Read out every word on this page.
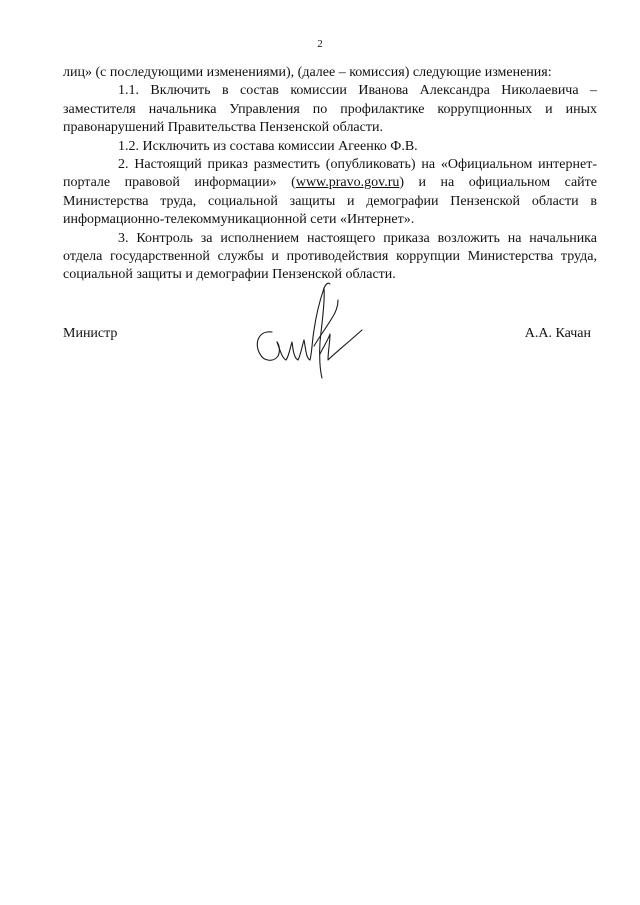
2

лиц» (с последующими изменениями), (далее – комиссия) следующие изменения:

1.1. Включить в состав комиссии Иванова Александра Николаевича – заместителя начальника Управления по профилактике коррупционных и иных правонарушений Правительства Пензенской области.

1.2. Исключить из состава комиссии Агеенко Ф.В.

2. Настоящий приказ разместить (опубликовать) на «Официальном интернет-портале правовой информации» (www.pravo.gov.ru) и на официальном сайте Министерства труда, социальной защиты и демографии Пензенской области в информационно-телекоммуникационной сети «Интернет».

3. Контроль за исполнением настоящего приказа возложить на начальника отдела государственной службы и противодействия коррупции Министерства труда, социальной защиты и демографии Пензенской области.

Министр	А.А. Качан
